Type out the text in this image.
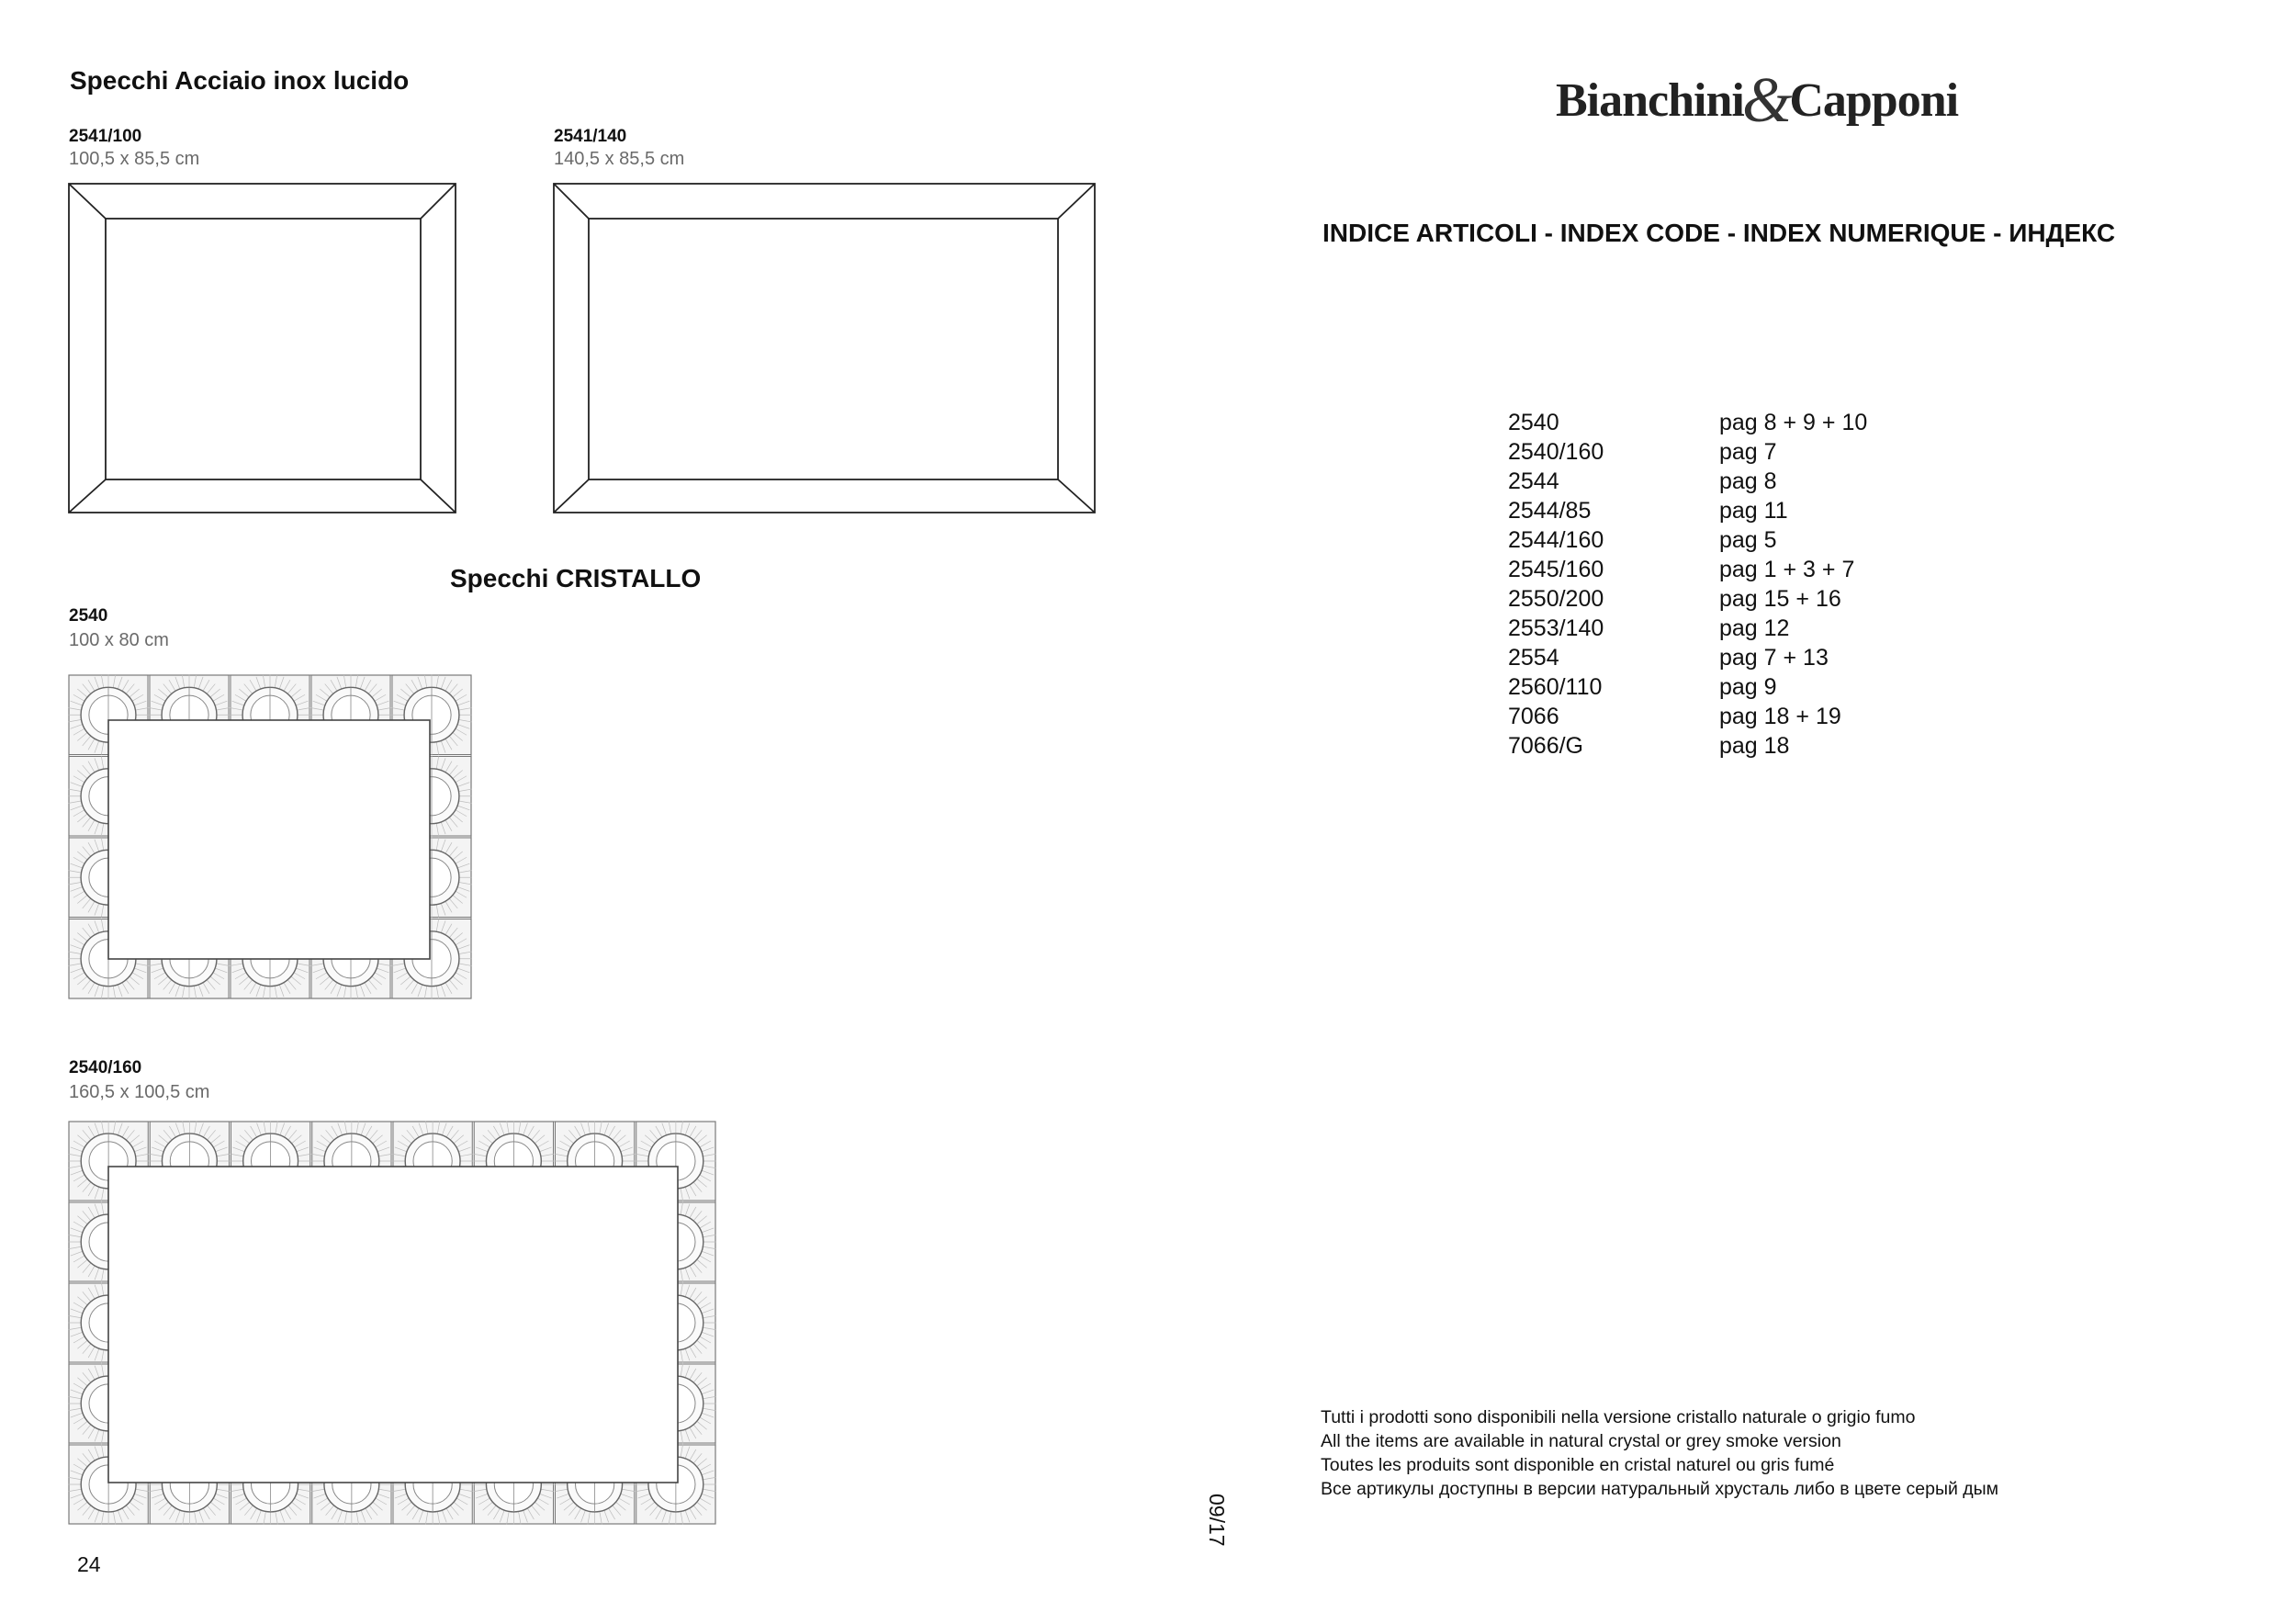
Specchi Acciaio inox lucido
2541/100
100,5 x 85,5 cm
2541/140
140,5 x 85,5 cm
Specchi CRISTALLO
2540
100 x 80 cm
2540/160
160,5 x 100,5 cm
24
09/17
Bianchini&Capponi
INDICE ARTICOLI - INDEX CODE - INDEX NUMERIQUE - ИНДЕКС
2540	pag 8 + 9 + 10
2540/160	pag 7
2544	pag 8
2544/85	pag 11
2544/160	pag 5
2545/160	pag 1 + 3 + 7
2550/200	pag 15 + 16
2553/140	pag 12
2554	pag 7 + 13
2560/110	pag 9
7066	pag 18 + 19
7066/G	pag 18
Tutti i prodotti sono disponibili nella versione cristallo naturale o grigio fumo
All the items are available in natural crystal or grey smoke version
Toutes les produits sont disponible en cristal naturel ou gris fumé
Все артикулы доступны в версии натуральный хрусталь либо в цвете серый дым
